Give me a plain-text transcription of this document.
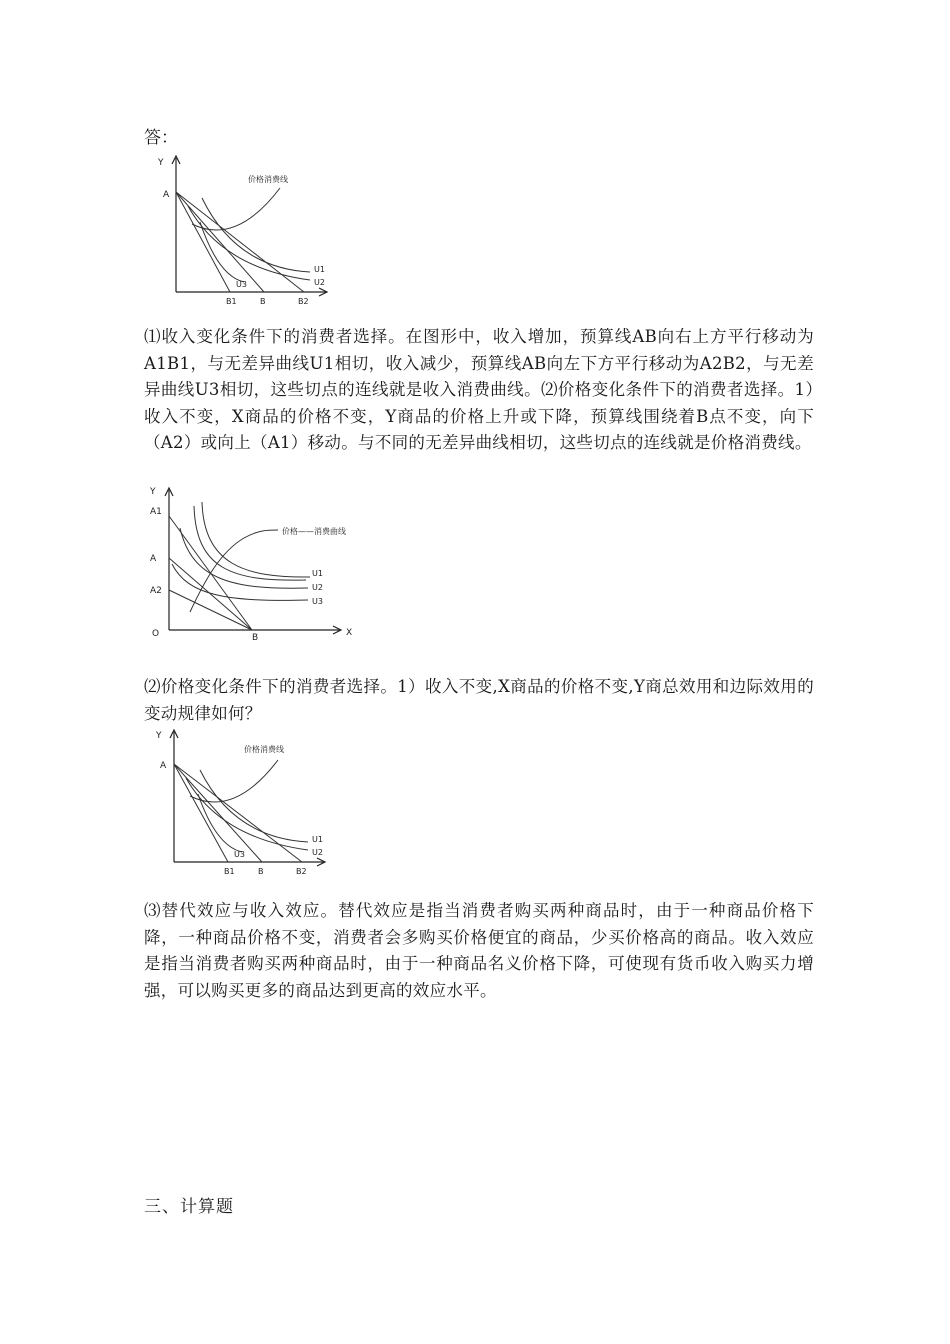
答：
Y
A
价格消费线
U1
U2
U3
B1	B	B2

⑴收入变化条件下的消费者选择。在图形中，收入增加，预算线AB向右上方平行移动为A1B1，与无差异曲线U1相切，收入减少，预算线AB向左下方平行移动为A2B2，与无差异曲线U3相切，这些切点的连线就是收入消费曲线。⑵价格变化条件下的消费者选择。1）收入不变，X商品的价格不变，Y商品的价格上升或下降，预算线围绕着B点不变，向下（A2）或向上（A1）移动。与不同的无差异曲线相切，这些切点的连线就是价格消费线。

Y
X
O
A1
A
A2
B
价格——消费曲线
U1
U2
U3

⑵价格变化条件下的消费者选择。1）收入不变,X商品的价格不变,Y商总效用和边际效用的变动规律如何？

Y
A
价格消费线
U1
U2
U3
B1	B	B2

⑶替代效应与收入效应。替代效应是指当消费者购买两种商品时，由于一种商品价格下降，一种商品价格不变，消费者会多购买价格便宜的商品，少买价格高的商品。收入效应是指当消费者购买两种商品时，由于一种商品名义价格下降，可使现有货币收入购买力增强，可以购买更多的商品达到更高的效应水平。

三、计算题
